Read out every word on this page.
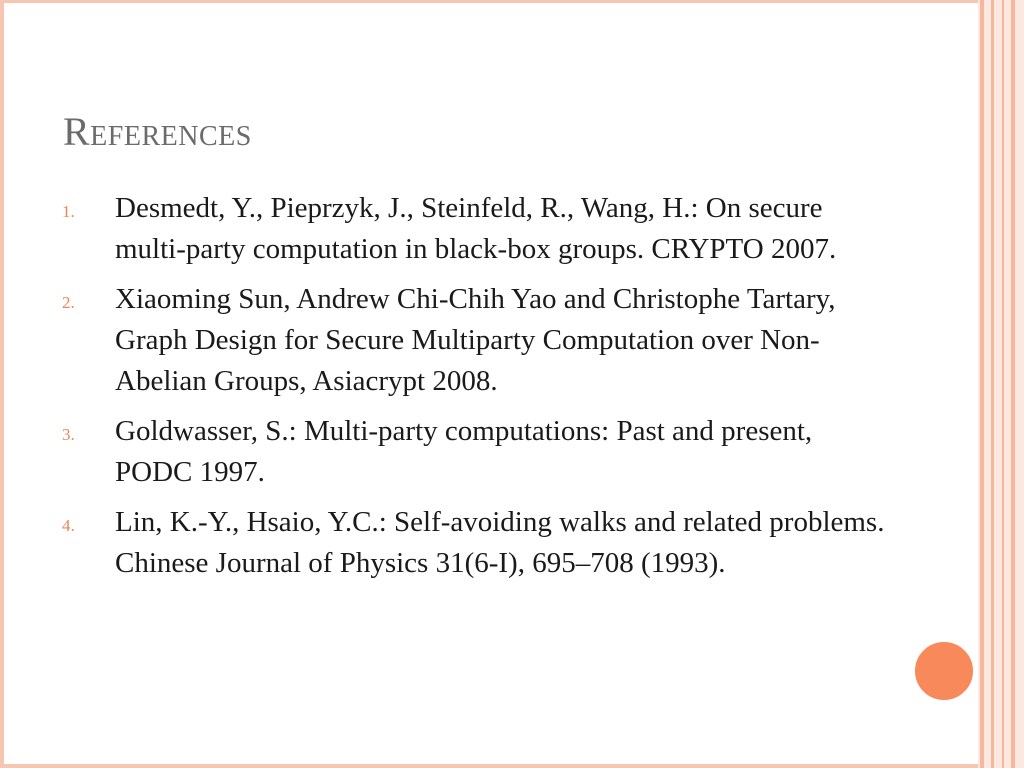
References
1. Desmedt, Y., Pieprzyk, J., Steinfeld, R., Wang, H.: On secure multi-party computation in black-box groups. CRYPTO 2007.
2. Xiaoming Sun, Andrew Chi-Chih Yao and Christophe Tartary, Graph Design for Secure Multiparty Computation over Non-Abelian Groups, Asiacrypt 2008.
3. Goldwasser, S.: Multi-party computations: Past and present, PODC 1997.
4. Lin, K.-Y., Hsaio, Y.C.: Self-avoiding walks and related problems. Chinese Journal of Physics 31(6-I), 695–708 (1993).
